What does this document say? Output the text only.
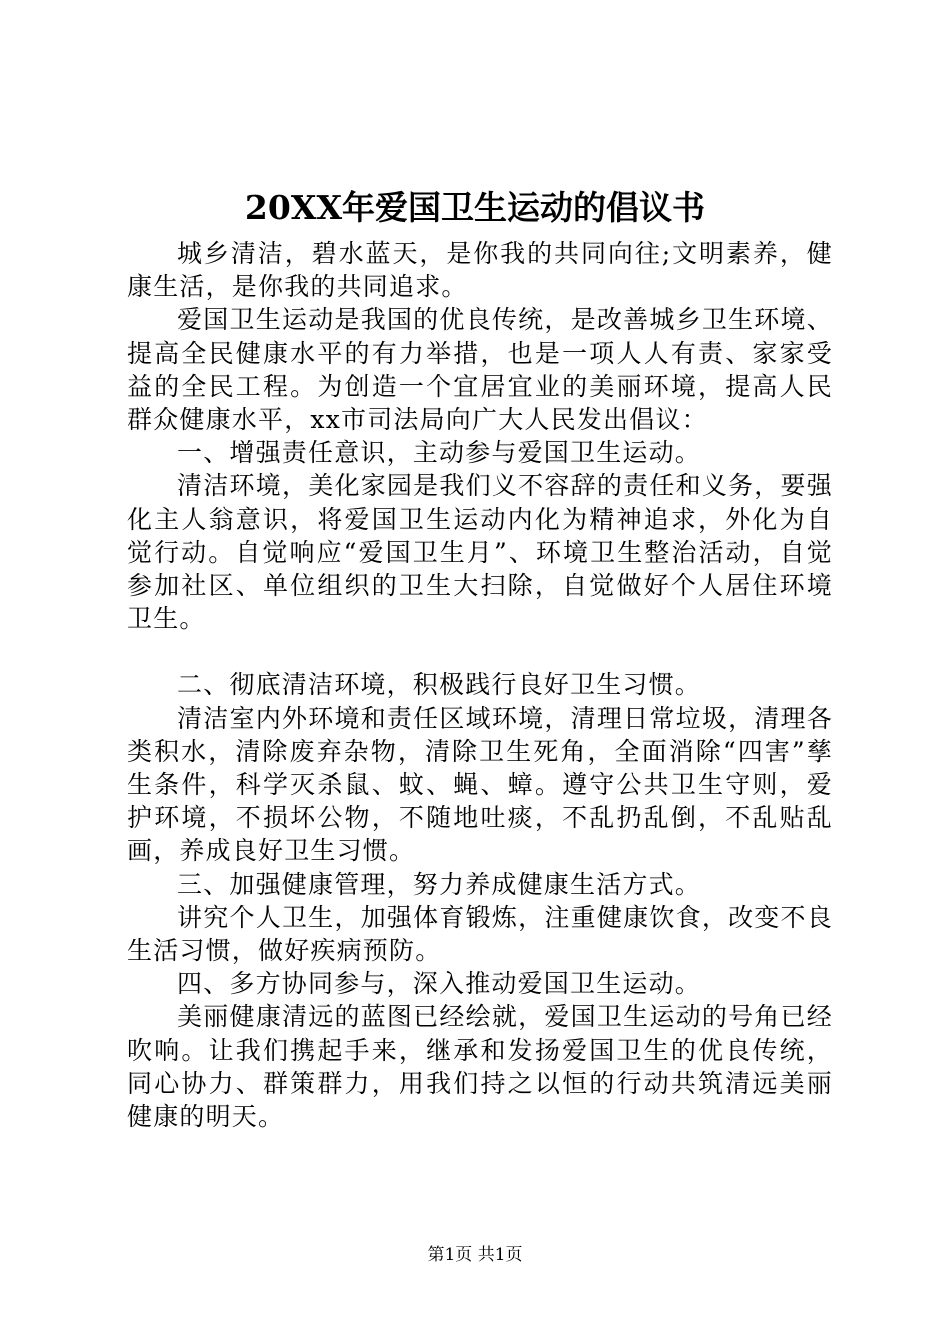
20XX年爱国卫生运动的倡议书

城乡清洁，碧水蓝天，是你我的共同向往;文明素养，健康生活，是你我的共同追求。

爱国卫生运动是我国的优良传统，是改善城乡卫生环境、提高全民健康水平的有力举措，也是一项人人有责、家家受益的全民工程。为创造一个宜居宜业的美丽环境，提高人民群众健康水平，xx市司法局向广大人民发出倡议：

一、增强责任意识，主动参与爱国卫生运动。

清洁环境，美化家园是我们义不容辞的责任和义务，要强化主人翁意识，将爱国卫生运动内化为精神追求，外化为自觉行动。自觉响应“爱国卫生月”、环境卫生整治活动，自觉参加社区、单位组织的卫生大扫除，自觉做好个人居住环境卫生。

二、彻底清洁环境，积极践行良好卫生习惯。

清洁室内外环境和责任区域环境，清理日常垃圾，清理各类积水，清除废弃杂物，清除卫生死角，全面消除“四害”孳生条件，科学灭杀鼠、蚊、蝇、蟑。遵守公共卫生守则，爱护环境，不损坏公物，不随地吐痰，不乱扔乱倒，不乱贴乱画，养成良好卫生习惯。

三、加强健康管理，努力养成健康生活方式。

讲究个人卫生，加强体育锻炼，注重健康饮食，改变不良生活习惯，做好疾病预防。

四、多方协同参与，深入推动爱国卫生运动。

美丽健康清远的蓝图已经绘就，爱国卫生运动的号角已经吹响。让我们携起手来，继承和发扬爱国卫生的优良传统，同心协力、群策群力，用我们持之以恒的行动共筑清远美丽健康的明天。

第1页 共1页
